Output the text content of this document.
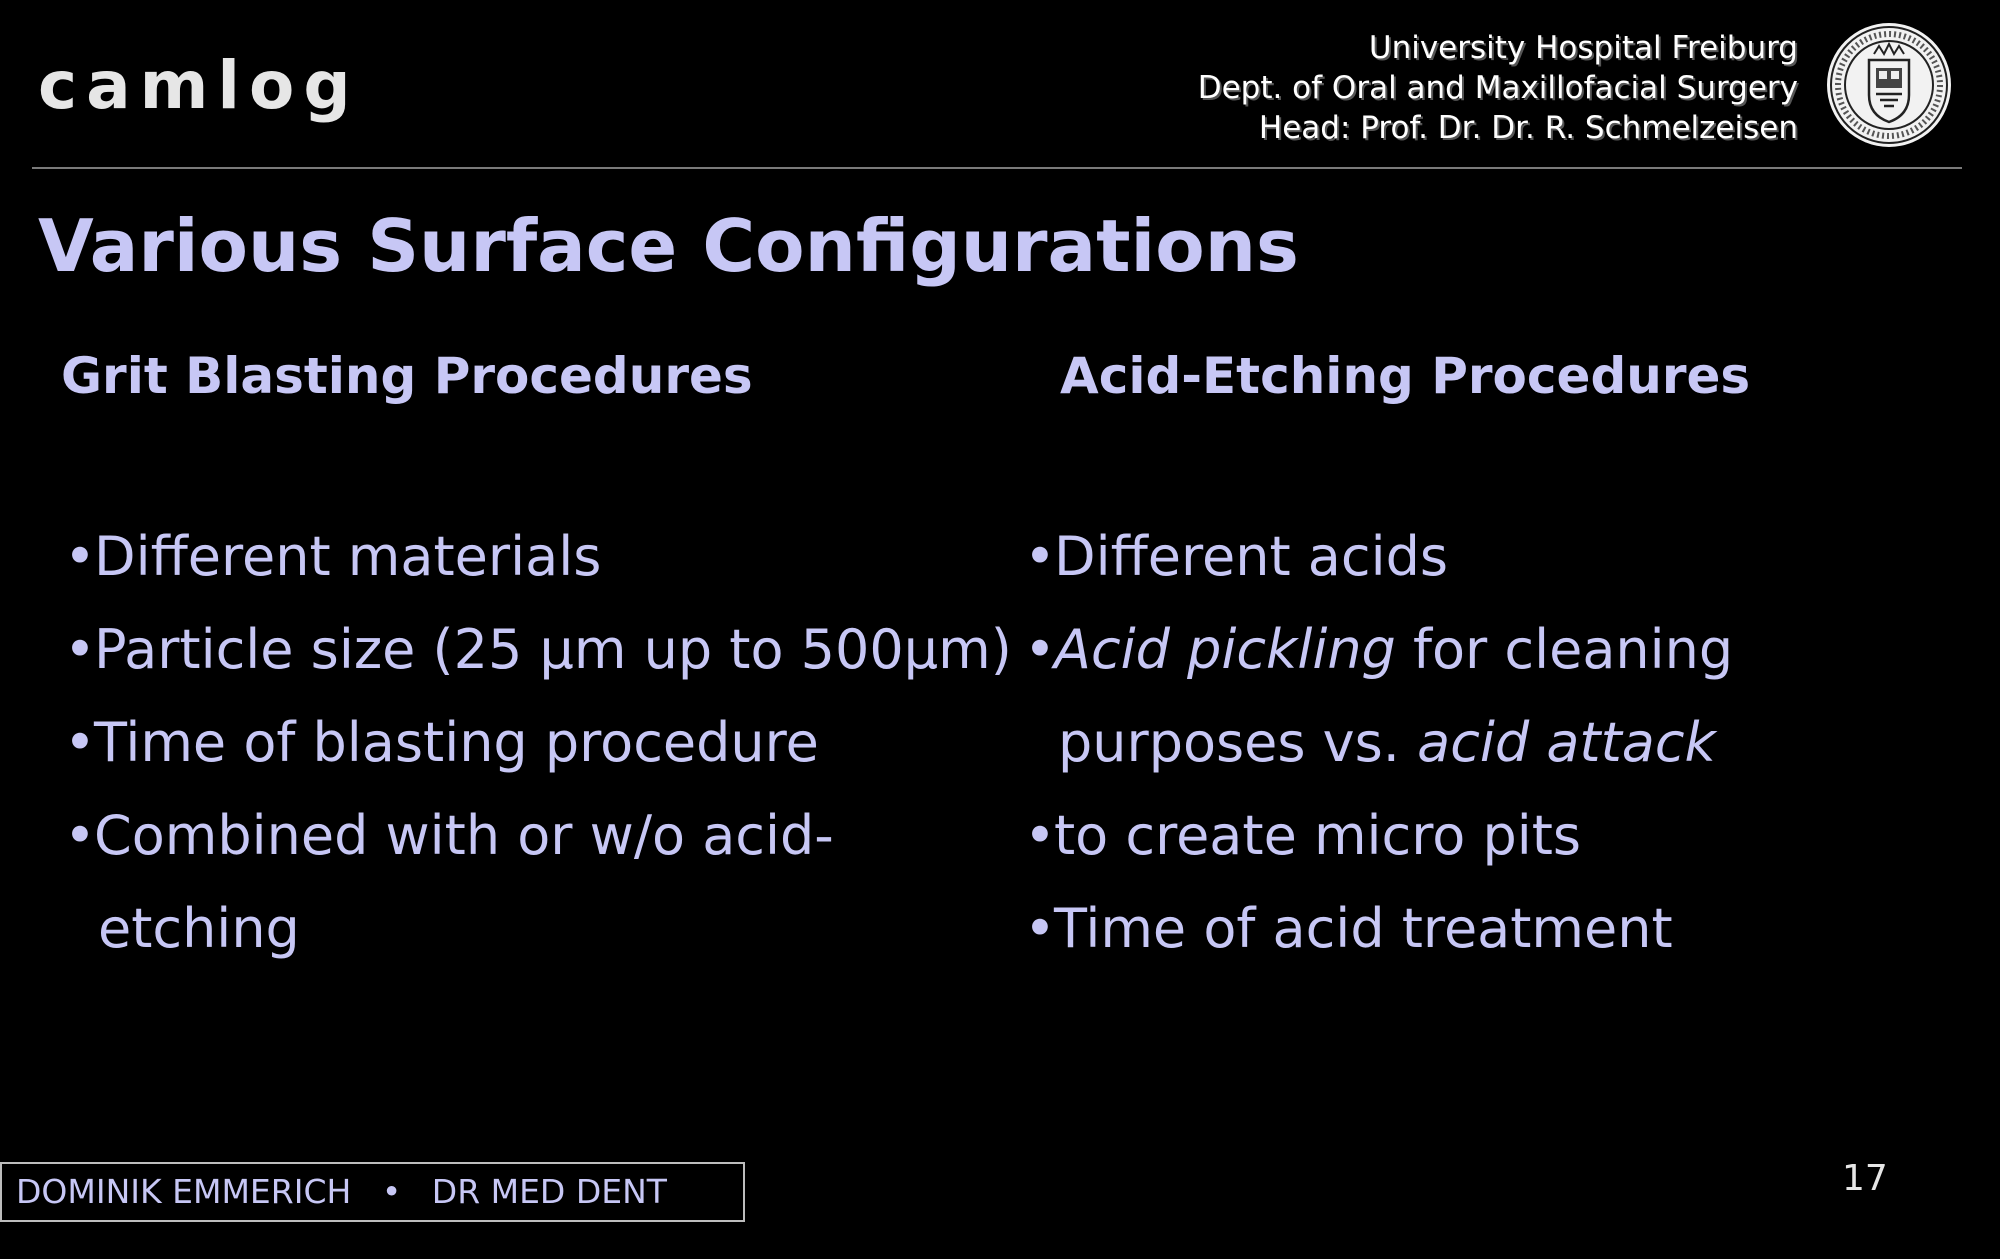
camlog	University Hospital Freiburg
Dept. of Oral and Maxillofacial Surgery
Head: Prof. Dr. Dr. R. Schmelzeisen
Various Surface Configurations
Grit Blasting Procedures	Acid-Etching Procedures
•Different materials
•Particle size (25 µm up to 500µm)
•Time of blasting procedure
•Combined with or w/o acid-
etching
•Different acids
•Acid pickling for cleaning
purposes vs. acid attack
•to create micro pits
•Time of acid treatment
DOMINIK EMMERICH • DR MED DENT	17
